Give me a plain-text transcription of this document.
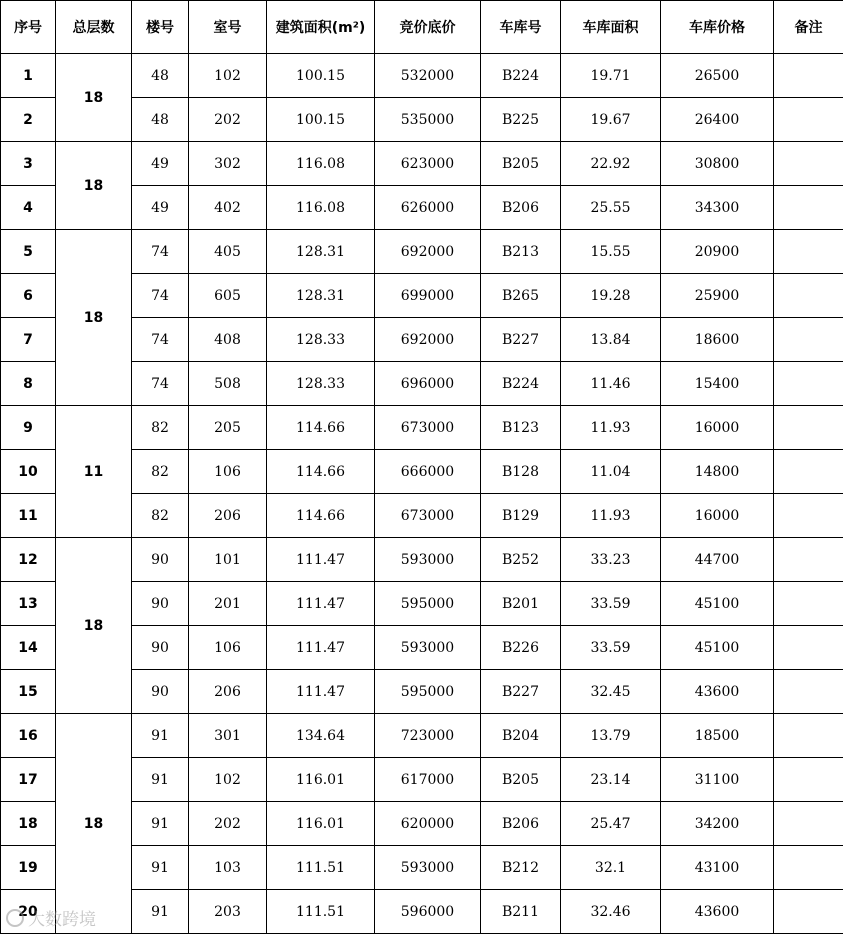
序号	总层数	楼号	室号	建筑面积(m²)	竞价底价	车库号	车库面积	车库价格	备注
1	18	48	102	100.15	532000	B224	19.71	26500	
2		48	202	100.15	535000	B225	19.67	26400	
3	18	49	302	116.08	623000	B205	22.92	30800	
4		49	402	116.08	626000	B206	25.55	34300	
5	18	74	405	128.31	692000	B213	15.55	20900	
6		74	605	128.31	699000	B265	19.28	25900	
7		74	408	128.33	692000	B227	13.84	18600	
8		74	508	128.33	696000	B224	11.46	15400	
9	11	82	205	114.66	673000	B123	11.93	16000	
10		82	106	114.66	666000	B128	11.04	14800	
11		82	206	114.66	673000	B129	11.93	16000	
12	18	90	101	111.47	593000	B252	33.23	44700	
13		90	201	111.47	595000	B201	33.59	45100	
14		90	106	111.47	593000	B226	33.59	45100	
15		90	206	111.47	595000	B227	32.45	43600	
16	18	91	301	134.64	723000	B204	13.79	18500	
17		91	102	116.01	617000	B205	23.14	31100	
18		91	202	116.01	620000	B206	25.47	34200	
19		91	103	111.51	593000	B212	32.1	43100	
20		91	203	111.51	596000	B211	32.46	43600	
大数跨境
